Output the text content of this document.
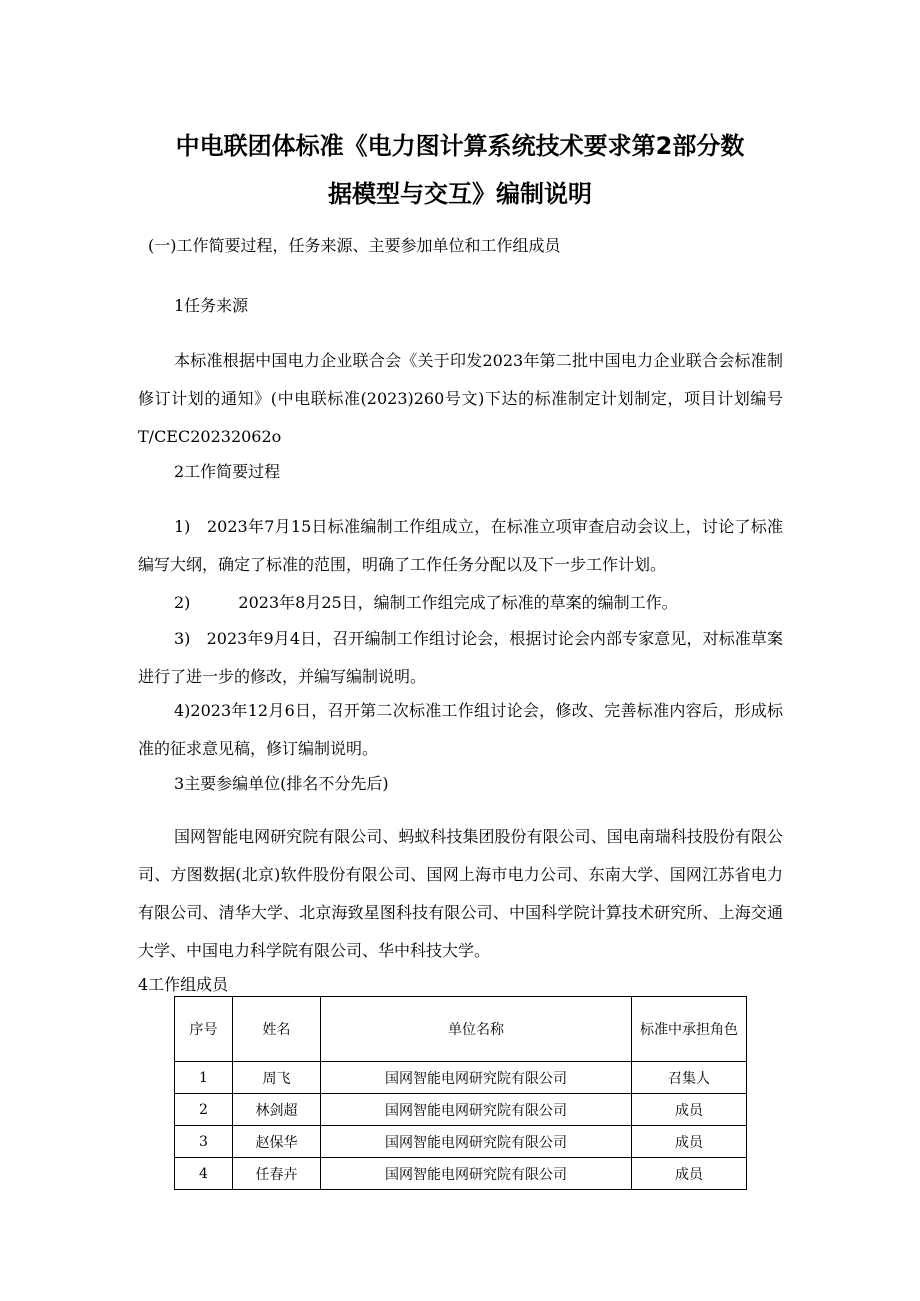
中电联团体标准《电力图计算系统技术要求第2部分数
据模型与交互》编制说明
(一)工作简要过程，任务来源、主要参加单位和工作组成员
1任务来源
本标准根据中国电力企业联合会《关于印发2023年第二批中国电力企业联合会标准制修订计划的通知》(中电联标准(2023)260号文)下达的标准制定计划制定，项目计划编号T/CEC20232062o
2工作简要过程
1)　2023年7月15日标准编制工作组成立，在标准立项审查启动会议上，讨论了标准编写大纲，确定了标准的范围，明确了工作任务分配以及下一步工作计划。
2)　　　2023年8月25日，编制工作组完成了标准的草案的编制工作。
3)　2023年9月4日，召开编制工作组讨论会，根据讨论会内部专家意见，对标准草案进行了进一步的修改，并编写编制说明。
4)2023年12月6日，召开第二次标准工作组讨论会，修改、完善标准内容后，形成标准的征求意见稿，修订编制说明。
3主要参编单位(排名不分先后)
国网智能电网研究院有限公司、蚂蚁科技集团股份有限公司、国电南瑞科技股份有限公司、方图数据(北京)软件股份有限公司、国网上海市电力公司、东南大学、国网江苏省电力有限公司、清华大学、北京海致星图科技有限公司、中国科学院计算技术研究所、上海交通大学、中国电力科学院有限公司、华中科技大学。
4工作组成员
序号	姓名	单位名称	标准中承担角色
1	周飞	国网智能电网研究院有限公司	召集人
2	林剑超	国网智能电网研究院有限公司	成员
3	赵保华	国网智能电网研究院有限公司	成员
4	任春卉	国网智能电网研究院有限公司	成员
